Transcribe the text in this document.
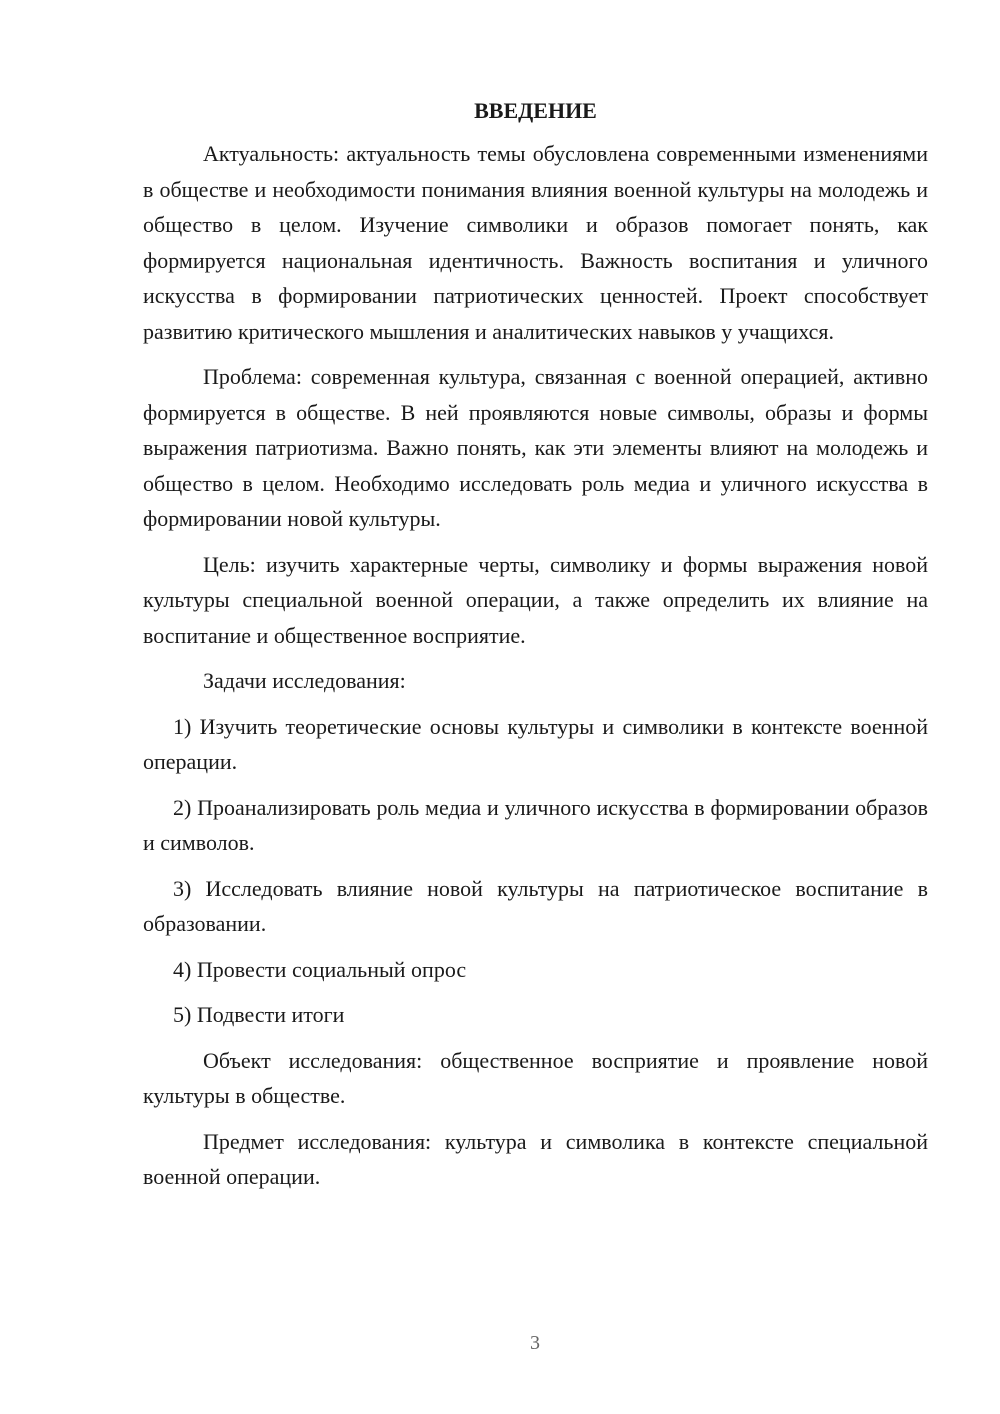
ВВЕДЕНИЕ

Актуальность: актуальность темы обусловлена современными изменениями в обществе и необходимости понимания влияния военной культуры на молодежь и общество в целом. Изучение символики и образов помогает понять, как формируется национальная идентичность. Важность воспитания и уличного искусства в формировании патриотических ценностей. Проект способствует развитию критического мышления и аналитических навыков у учащихся.

Проблема: современная культура, связанная с военной операцией, активно формируется в обществе. В ней проявляются новые символы, образы и формы выражения патриотизма. Важно понять, как эти элементы влияют на молодежь и общество в целом. Необходимо исследовать роль медиа и уличного искусства в формировании новой культуры.

Цель: изучить характерные черты, символику и формы выражения новой культуры специальной военной операции, а также определить их влияние на воспитание и общественное восприятие.

Задачи исследования:

1) Изучить теоретические основы культуры и символики в контексте военной операции.

2) Проанализировать роль медиа и уличного искусства в формировании образов и символов.

3) Исследовать влияние новой культуры на патриотическое воспитание в образовании.

4) Провести социальный опрос

5) Подвести итоги

Объект исследования: общественное восприятие и проявление новой культуры в обществе.

Предмет исследования: культура и символика в контексте специальной военной операции.

3
